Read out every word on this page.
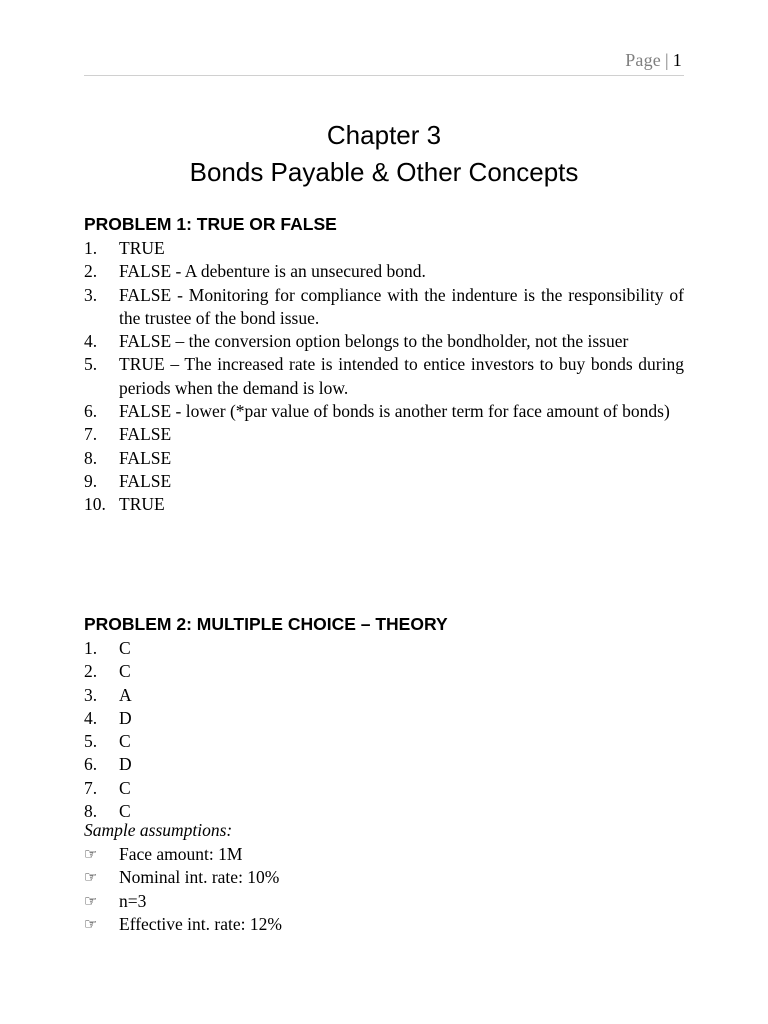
Page | 1
Chapter 3
Bonds Payable & Other Concepts
PROBLEM 1: TRUE OR FALSE
1. TRUE
2. FALSE - A debenture is an unsecured bond.
3. FALSE - Monitoring for compliance with the indenture is the responsibility of the trustee of the bond issue.
4. FALSE – the conversion option belongs to the bondholder, not the issuer
5. TRUE – The increased rate is intended to entice investors to buy bonds during periods when the demand is low.
6. FALSE - lower (*par value of bonds is another term for face amount of bonds)
7. FALSE
8. FALSE
9. FALSE
10. TRUE
PROBLEM 2: MULTIPLE CHOICE – THEORY
1. C
2. C
3. A
4. D
5. C
6. D
7. C
8. C

Sample assumptions:

☞ Face amount: 1M
☞ Nominal int. rate: 10%
☞ n=3
☞ Effective int. rate: 12%
